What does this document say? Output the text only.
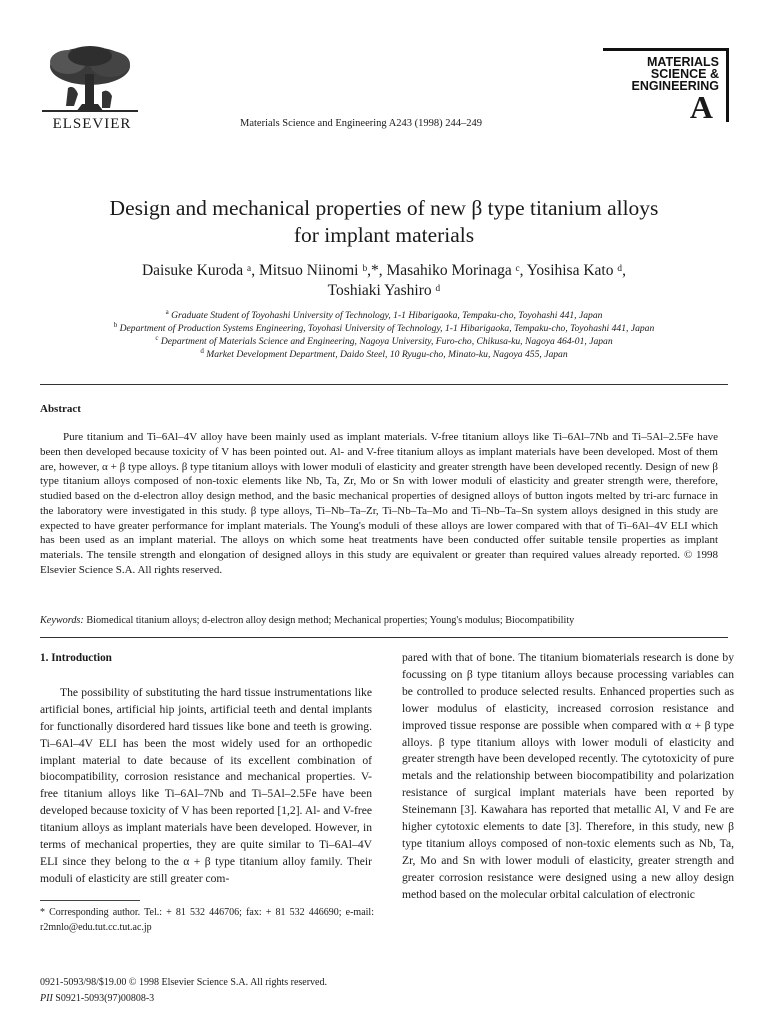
ELSEVIER	Materials Science and Engineering A243 (1998) 244–249
MATERIALS
SCIENCE &
ENGINEERING
A
Design and mechanical properties of new β type titanium alloys
for implant materials
Daisuke Kuroda ᵃ, Mitsuo Niinomi ᵇ,*, Masahiko Morinaga ᶜ, Yosihisa Kato ᵈ,
Toshiaki Yashiro ᵈ
$^a$ Graduate Student of Toyohashi University of Technology, 1-1 Hibarigaoka, Tempaku-cho, Toyohashi 441, Japan
$^b$ Department of Production Systems Engineering, Toyohasi University of Technology, 1-1 Hibarigaoka, Tempaku-cho, Toyohashi 441, Japan
$^c$ Department of Materials Science and Engineering, Nagoya University, Furo-cho, Chikusa-ku, Nagoya 464-01, Japan
$^d$ Market Development Department, Daido Steel, 10 Ryugu-cho, Minato-ku, Nagoya 455, Japan
Abstract

Pure titanium and Ti–6Al–4V alloy have been mainly used as implant materials. V-free titanium alloys like Ti–6Al–7Nb and Ti–5Al–2.5Fe have been then developed because toxicity of V has been pointed out. Al- and V-free titanium alloys as implant materials have been developed. Most of them are, however, α + β type alloys. β type titanium alloys with lower moduli of elasticity and greater strength have been developed recently. Design of new β type titanium alloys composed of non-toxic elements like Nb, Ta, Zr, Mo or Sn with lower moduli of elasticity and greater strength were, therefore, studied based on the d-electron alloy design method, and the basic mechanical properties of designed alloys of button ingots melted by tri-arc furnace in the laboratory were investigated in this study. β type alloys, Ti–Nb–Ta–Zr, Ti–Nb–Ta–Mo and Ti–Nb–Ta–Sn system alloys designed in this study are expected to have greater performance for implant materials. The Young's moduli of these alloys are lower compared with that of Ti–6Al–4V ELI which has been used as an implant material. The alloys on which some heat treatments have been conducted offer suitable tensile properties as implant materials. The tensile strength and elongation of designed alloys in this study are equivalent or greater than required values already reported. © 1998 Elsevier Science S.A. All rights reserved.

Keywords: Biomedical titanium alloys; d-electron alloy design method; Mechanical properties; Young's modulus; Biocompatibility

1. Introduction

The possibility of substituting the hard tissue instrumentations like artificial bones, artificial hip joints, artificial teeth and dental implants for functionally disordered hard tissues like bone and teeth is growing. Ti–6Al–4V ELI has been the most widely used for an orthopedic implant material to date because of its excellent combination of biocompatibility, corrosion resistance and mechanical properties. V-free titanium alloys like Ti–6Al–7Nb and Ti–5Al–2.5Fe have been developed because toxicity of V has been reported [1,2]. Al- and V-free titanium alloys as implant materials have been developed. However, in terms of mechanical properties, they are quite similar to Ti–6Al–4V ELI since they belong to the α + β type titanium alloy family. Their moduli of elasticity are still greater com-

pared with that of bone. The titanium biomaterials research is done by focussing on β type titanium alloys because processing variables can be controlled to produce selected results. Enhanced properties such as lower modulus of elasticity, increased corrosion resistance and improved tissue response are possible when compared with α + β type alloys. β type titanium alloys with lower moduli of elasticity and greater strength have been developed recently. The cytotoxicity of pure metals and the relationship between biocompatibility and polarization resistance of surgical implant materials have been reported by Steinemann [3]. Kawahara has reported that metallic Al, V and Fe are higher cytotoxic elements to date [3]. Therefore, in this study, new β type titanium alloys composed of non-toxic elements such as Nb, Ta, Zr, Mo and Sn with lower moduli of elasticity, greater strength and greater corrosion resistance were designed using a new alloy design method based on the molecular orbital calculation of electronic

* Corresponding author. Tel.: + 81 532 446706; fax: + 81 532 446690; e-mail: r2mnlo@edu.tut.cc.tut.ac.jp
0921-5093/98/$19.00 © 1998 Elsevier Science S.A. All rights reserved.
PII S0921-5093(97)00808-3
